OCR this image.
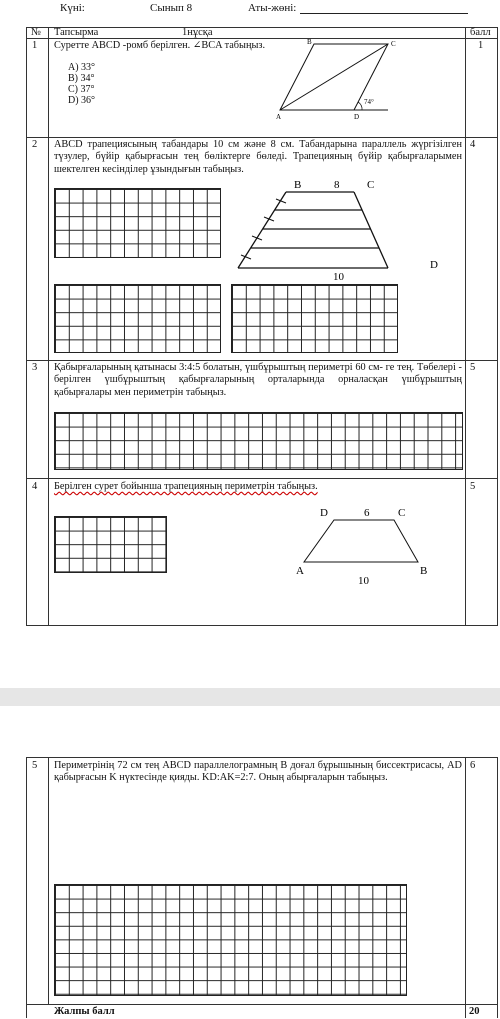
Күні:	Сынып 8	Аты-жөні:
№ Тапсырма	1нұсқа	балл
1 Суретте ABCD -ромб берілген. ∠BCA табыңыз.	1
A) 33°
B) 34°
C) 37°
D) 36°
B	C
A	D
74°
2 ABCD трапециясының табандары 10 см және 8 см. Табандарына параллель жүргізілген түзулер, бүйір қабырғасын тең бөліктерге бөледі. Трапецияның бүйір қабырғаларымен шектелген кесінділер ұзындығын табыңыз.
4
B	8	C
D
10
3 Қабырғаларының қатынасы 3:4:5 болатын, үшбұрыштың периметрі 60 см- ге тең. Төбелері - берілген үшбұрыштың қабырғаларының орталарында орналасқан үшбұрыштың қабырғалары мен периметрін табыңыз.
5
4 Берілген сурет бойынша трапецияның периметрін табыңыз.	5
D	6	C
A	B
10
5 Периметрінің 72 см тең ABCD параллелограмның B доғал бұрышының биссектрисасы, AD қабырғасын K нүктесінде қияды. KD:AK=2:7. Оның абырғаларын табыңыз.
6
Жалпы балл	20
